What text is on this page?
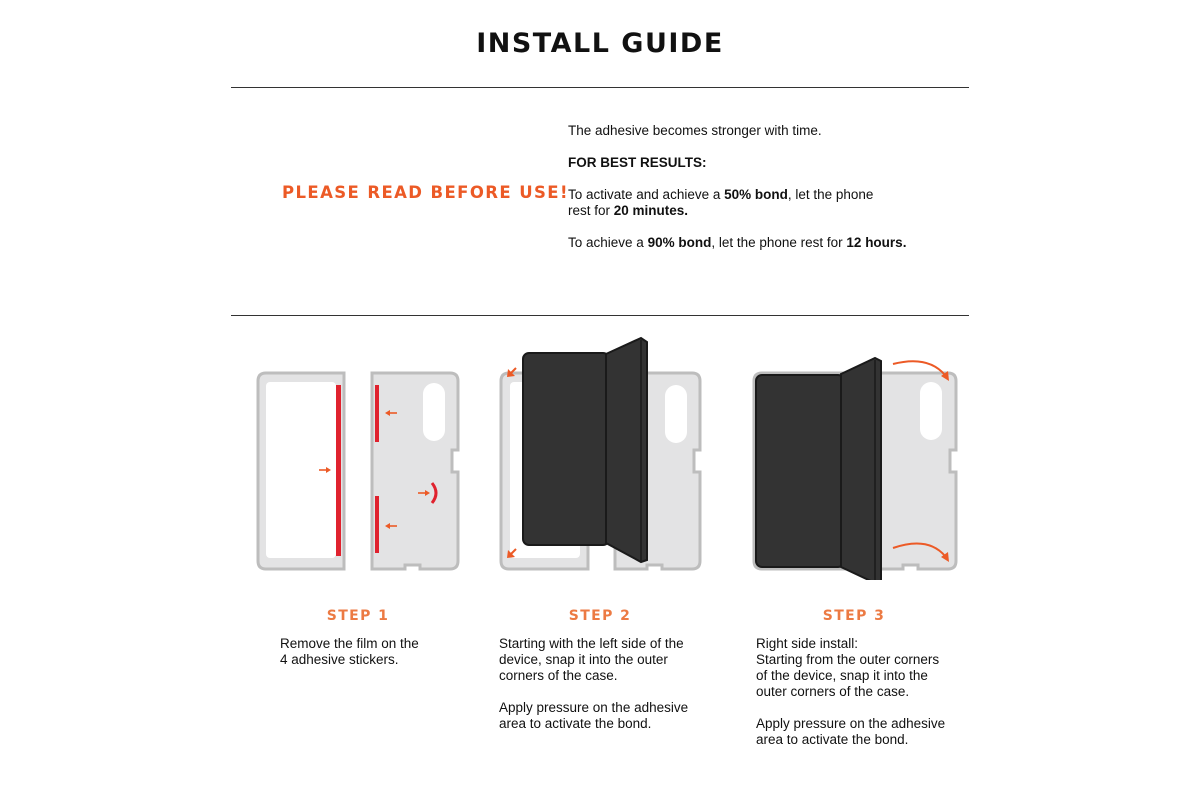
INSTALL GUIDE
PLEASE READ BEFORE USE!
The adhesive becomes stronger with time.
FOR BEST RESULTS:
To activate and achieve a 50% bond, let the phone
rest for 20 minutes.
To achieve a 90% bond, let the phone rest for 12 hours.
STEP 1	STEP 2	STEP 3

Remove the film on the

4 adhesive stickers.

Starting with the left side of the

device, snap it into the outer

corners of the case.

Apply pressure on the adhesive

area to activate the bond.

Right side install:

Starting from the outer corners

of the device, snap it into the

outer corners of the case.

Apply pressure on the adhesive

area to activate the bond.
